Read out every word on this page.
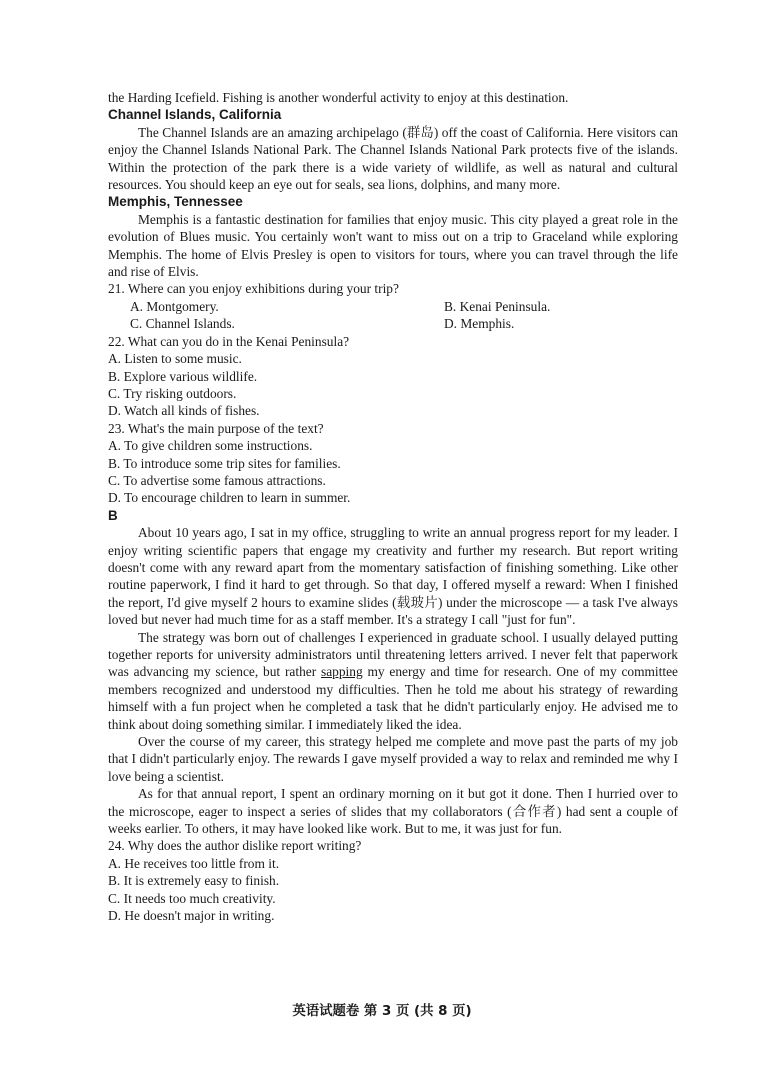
the Harding Icefield. Fishing is another wonderful activity to enjoy at this destination.

Channel Islands, California

The Channel Islands are an amazing archipelago (群岛) off the coast of California. Here visitors can enjoy the Channel Islands National Park. The Channel Islands National Park protects five of the islands. Within the protection of the park there is a wide variety of wildlife, as well as natural and cultural resources. You should keep an eye out for seals, sea lions, dolphins, and many more.

Memphis, Tennessee

Memphis is a fantastic destination for families that enjoy music. This city played a great role in the evolution of Blues music. You certainly won't want to miss out on a trip to Graceland while exploring Memphis. The home of Elvis Presley is open to visitors for tours, where you can travel through the life and rise of Elvis.

21. Where can you enjoy exhibitions during your trip?

A. Montgomery.	B. Kenai Peninsula.
C. Channel Islands.	D. Memphis.

22. What can you do in the Kenai Peninsula?

A. Listen to some music.

B. Explore various wildlife.

C. Try risking outdoors.

D. Watch all kinds of fishes.

23. What's the main purpose of the text?

A. To give children some instructions.

B. To introduce some trip sites for families.

C. To advertise some famous attractions.

D. To encourage children to learn in summer.

B

About 10 years ago, I sat in my office, struggling to write an annual progress report for my leader. I enjoy writing scientific papers that engage my creativity and further my research. But report writing doesn't come with any reward apart from the momentary satisfaction of finishing something. Like other routine paperwork, I find it hard to get through. So that day, I offered myself a reward: When I finished the report, I'd give myself 2 hours to examine slides (载玻片) under the microscope — a task I've always loved but never had much time for as a staff member. It's a strategy I call "just for fun".

The strategy was born out of challenges I experienced in graduate school. I usually delayed putting together reports for university administrators until threatening letters arrived. I never felt that paperwork was advancing my science, but rather sapping my energy and time for research. One of my committee members recognized and understood my difficulties. Then he told me about his strategy of rewarding himself with a fun project when he completed a task that he didn't particularly enjoy. He advised me to think about doing something similar. I immediately liked the idea.

Over the course of my career, this strategy helped me complete and move past the parts of my job that I didn't particularly enjoy. The rewards I gave myself provided a way to relax and reminded me why I love being a scientist.

As for that annual report, I spent an ordinary morning on it but got it done. Then I hurried over to the microscope, eager to inspect a series of slides that my collaborators (合作者) had sent a couple of weeks earlier. To others, it may have looked like work. But to me, it was just for fun.

24. Why does the author dislike report writing?

A. He receives too little from it.

B. It is extremely easy to finish.

C. It needs too much creativity.

D. He doesn't major in writing.

英语试题卷 第 3 页 (共 8 页)
